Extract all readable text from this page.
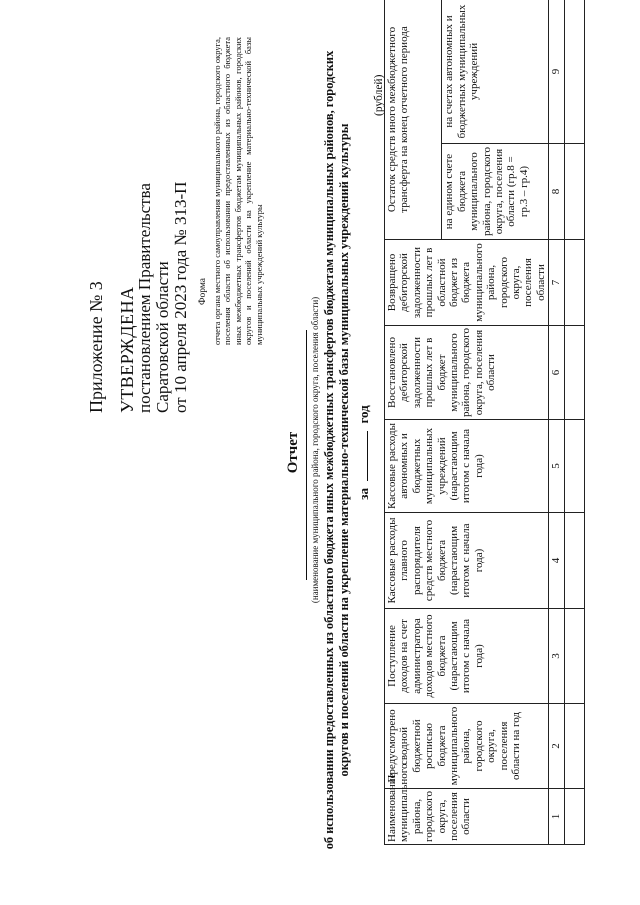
Приложение № 3 УТВЕРЖДЕНА
постановлением Правительства Саратовской области от 10 апреля 2023 года № 313-П Форма отчета органа местного самоуправления муниципального района, городского округа, поселения области об использовании предоставленных из областного бюджета иных межбюджетных трансфертов бюджетам муниципальных районов, городских округов и поселений области на укрепление материально-технической базы муниципальных учреждений культуры
Отчет (наименование муниципального района, городского округа, поселения области) об использовании предоставленных из областного бюджета иных межбюджетных трансфертов бюджетам муниципальных районов, городских округов и поселений области на укрепление материально-технической базы муниципальных учреждений культуры за  год
(рублей)
Наименование муниципального района, городского округа, поселения области	Предусмотрено сводной бюджетной росписью бюджета муниципального района, городского округа, поселения области на год	Поступление доходов на счет администратора доходов местного бюджета (нарастающим итогом с начала года)	Кассовые расходы главного распорядителя средств местного бюджета (нарастающим итогом с начала года)	Кассовые расходы автономных и бюджетных муниципальных учреждений (нарастающим итогом с начала года)	Восстановлено дебиторской задолженности прошлых лет в бюджет муниципального района, городского округа, поселения области	Возвращено дебиторской задолженности прошлых лет в областной бюджет из бюджета муниципального района, городского округа, поселения области	Остаток средств иного межбюджетного трансферта на конец отчетного периода	
							на едином счете бюджета муниципального района, городского округа, поселения области (гр.8 = гр.3 – гр.4)	на счетах автономных и бюджетных муниципальных учреждений
1	2	3	4	5	6	7	8	9
